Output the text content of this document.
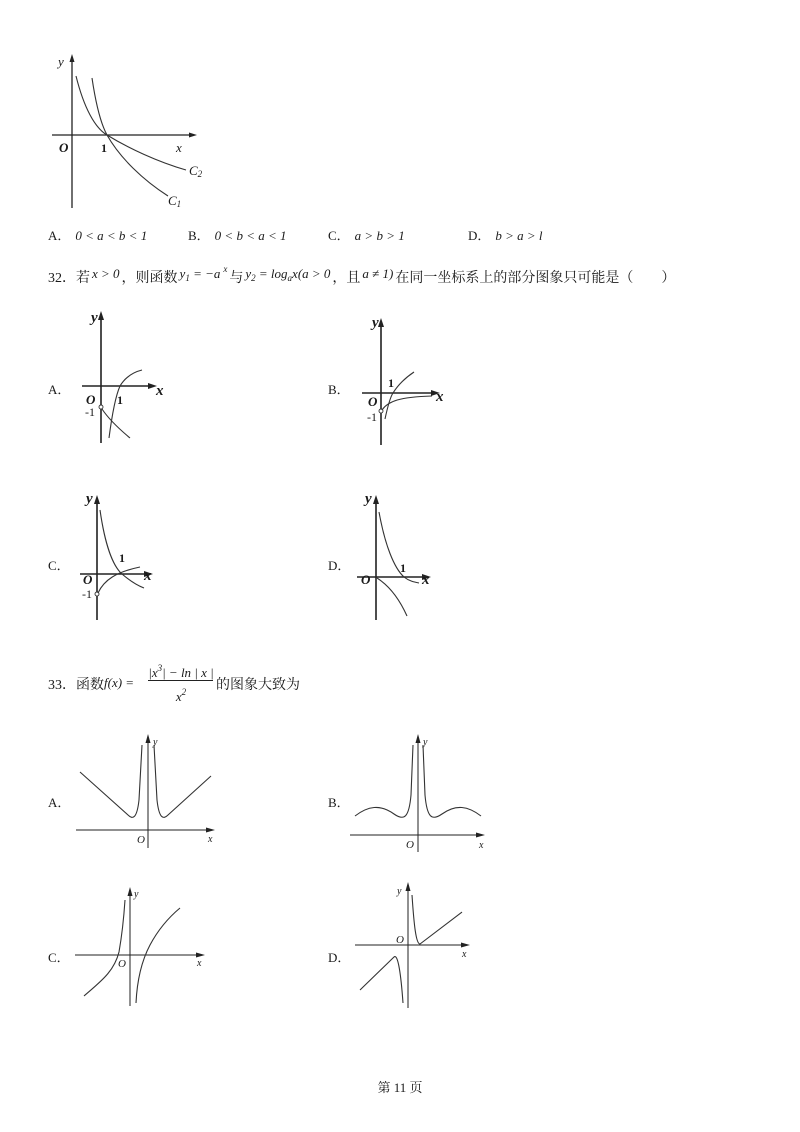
y
x
O	1
C2
C1
A． 0 < a < b < 1	B． 0 < b < a < 1	C． a > b > 1	D． b > a > l
32． 若 x > 0 ，则函数 $y_1 = -a$ $^x$
与 $y_2 = \log_ax(a > 0$ ，且 a ≠ 1) 在同一坐标系上的部分图象只可能是（　　）
A．
y
x
O 1
-1
B．
y
x
1
O
-1
C．
y
x
1
O
-1
D．
y
x
O
1
33．函数 f(x) =
$|x^3| - \ln$ | x |
$x^2$	的图象大致为
A．
y
x
O
B．
y
x
O
C．
y
x
O	D．
y
x
O
第 11 页
